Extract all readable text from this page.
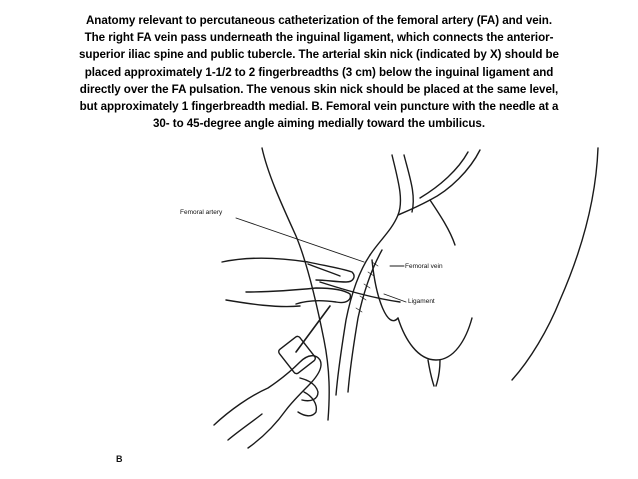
Anatomy relevant to percutaneous catheterization of the femoral artery (FA) and vein.
The right FA vein pass underneath the inguinal ligament, which connects the anterior-
superior iliac spine and public tubercle. The arterial skin nick (indicated by X) should be
placed approximately 1-1/2 to 2 fingerbreadths (3 cm) below the inguinal ligament and
directly over the FA pulsation. The venous skin nick should be placed at the same level,
but approximately 1 fingerbreadth medial. B. Femoral vein puncture with the needle at a
30- to 45-degree angle aiming medially toward the umbilicus.
Femoral artery
Femoral vein
Ligament
B
